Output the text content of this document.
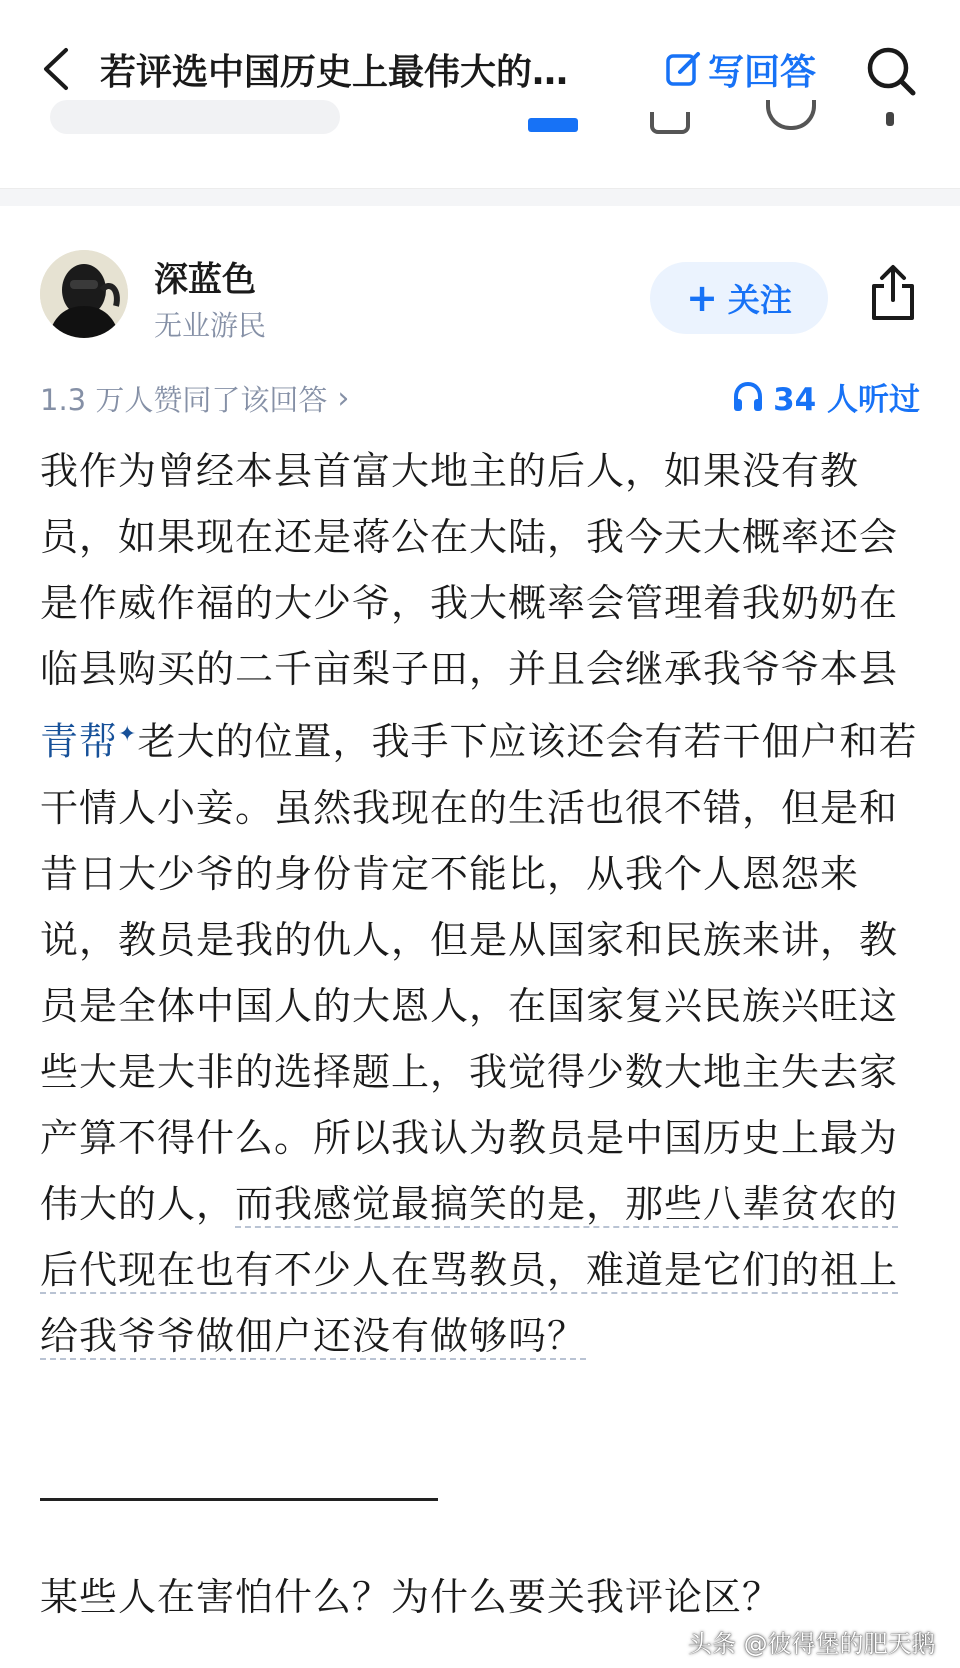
若评选中国历史上最伟大的…	写回答
深蓝色
无业游民
+ 关注
1.3 万人赞同了该回答 ›	34 人听过
我作为曾经本县首富大地主的后人，如果没有教员，如果现在还是蒋公在大陆，我今天大概率还会是作威作福的大少爷，我大概率会管理着我奶奶在临县购买的二千亩梨子田，并且会继承我爷爷本县青帮✦老大的位置，我手下应该还会有若干佃户和若干情人小妾。虽然我现在的生活也很不错，但是和昔日大少爷的身份肯定不能比，从我个人恩怨来说，教员是我的仇人，但是从国家和民族来讲，教员是全体中国人的大恩人，在国家复兴民族兴旺这些大是大非的选择题上，我觉得少数大地主失去家产算不得什么。所以我认为教员是中国历史上最为伟大的人，而我感觉最搞笑的是，那些八辈贫农的后代现在也有不少人在骂教员，难道是它们的祖上给我爷爷做佃户还没有做够吗？
某些人在害怕什么？为什么要关我评论区？
头条 @彼得堡的肥天鹅
